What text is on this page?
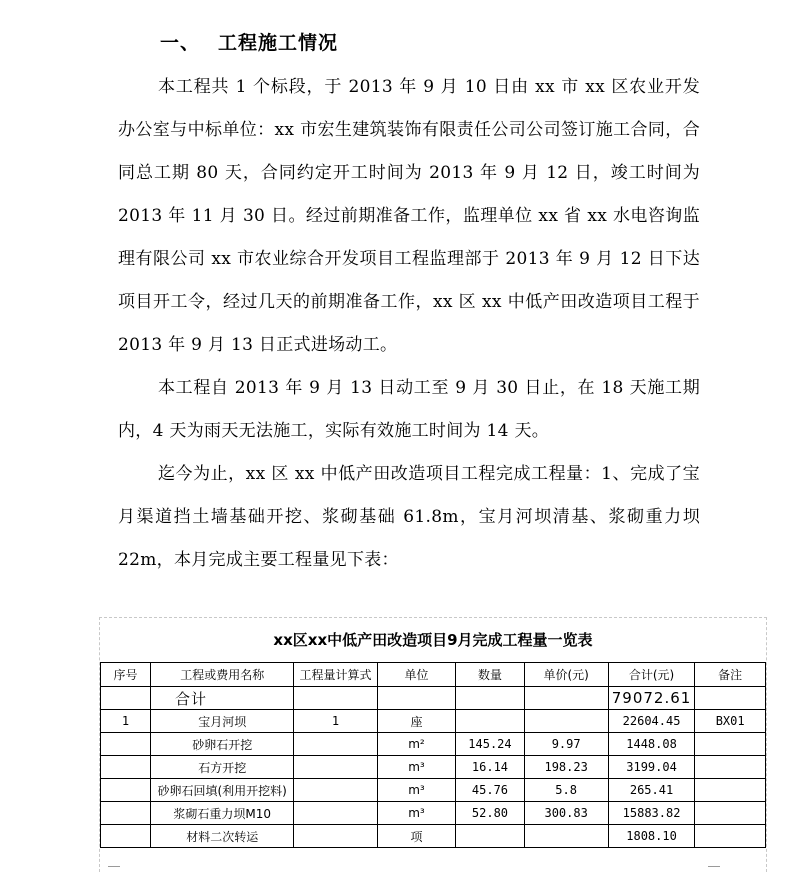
一、 工程施工情况
本工程共 1 个标段，于 2013 年 9 月 10 日由 xx 市 xx 区农业开发办公室与中标单位：xx 市宏生建筑装饰有限责任公司公司签订施工合同，合同总工期 80 天，合同约定开工时间为 2013 年 9 月 12 日，竣工时间为 2013 年 11 月 30 日。经过前期准备工作，监理单位 xx 省 xx 水电咨询监理有限公司 xx 市农业综合开发项目工程监理部于 2013 年 9 月 12 日下达项目开工令，经过几天的前期准备工作，xx 区 xx 中低产田改造项目工程于 2013 年 9 月 13 日正式进场动工。
本工程自 2013 年 9 月 13 日动工至 9 月 30 日止，在 18 天施工期内，4 天为雨天无法施工，实际有效施工时间为 14 天。
迄今为止，xx 区 xx 中低产田改造项目工程完成工程量：1、完成了宝月渠道挡土墙基础开挖、浆砌基础 61.8m，宝月河坝清基、浆砌重力坝 22m，本月完成主要工程量见下表：
xx区xx中低产田改造项目9月完成工程量一览表
序号	工程或费用名称	工程量计算式	单位	数量	单价(元)	合计(元)	备注
	合计					79072.61	
1	宝月河坝	1	座			22604.45	BX01
	砂卵石开挖		m²	145.24	9.97	1448.08	
	石方开挖		m³	16.14	198.23	3199.04	
	砂卵石回填(利用开挖料)		m³	45.76	5.8	265.41	
	浆砌石重力坝M10		m³	52.80	300.83	15883.82	
	材料二次转运		项			1808.10	
